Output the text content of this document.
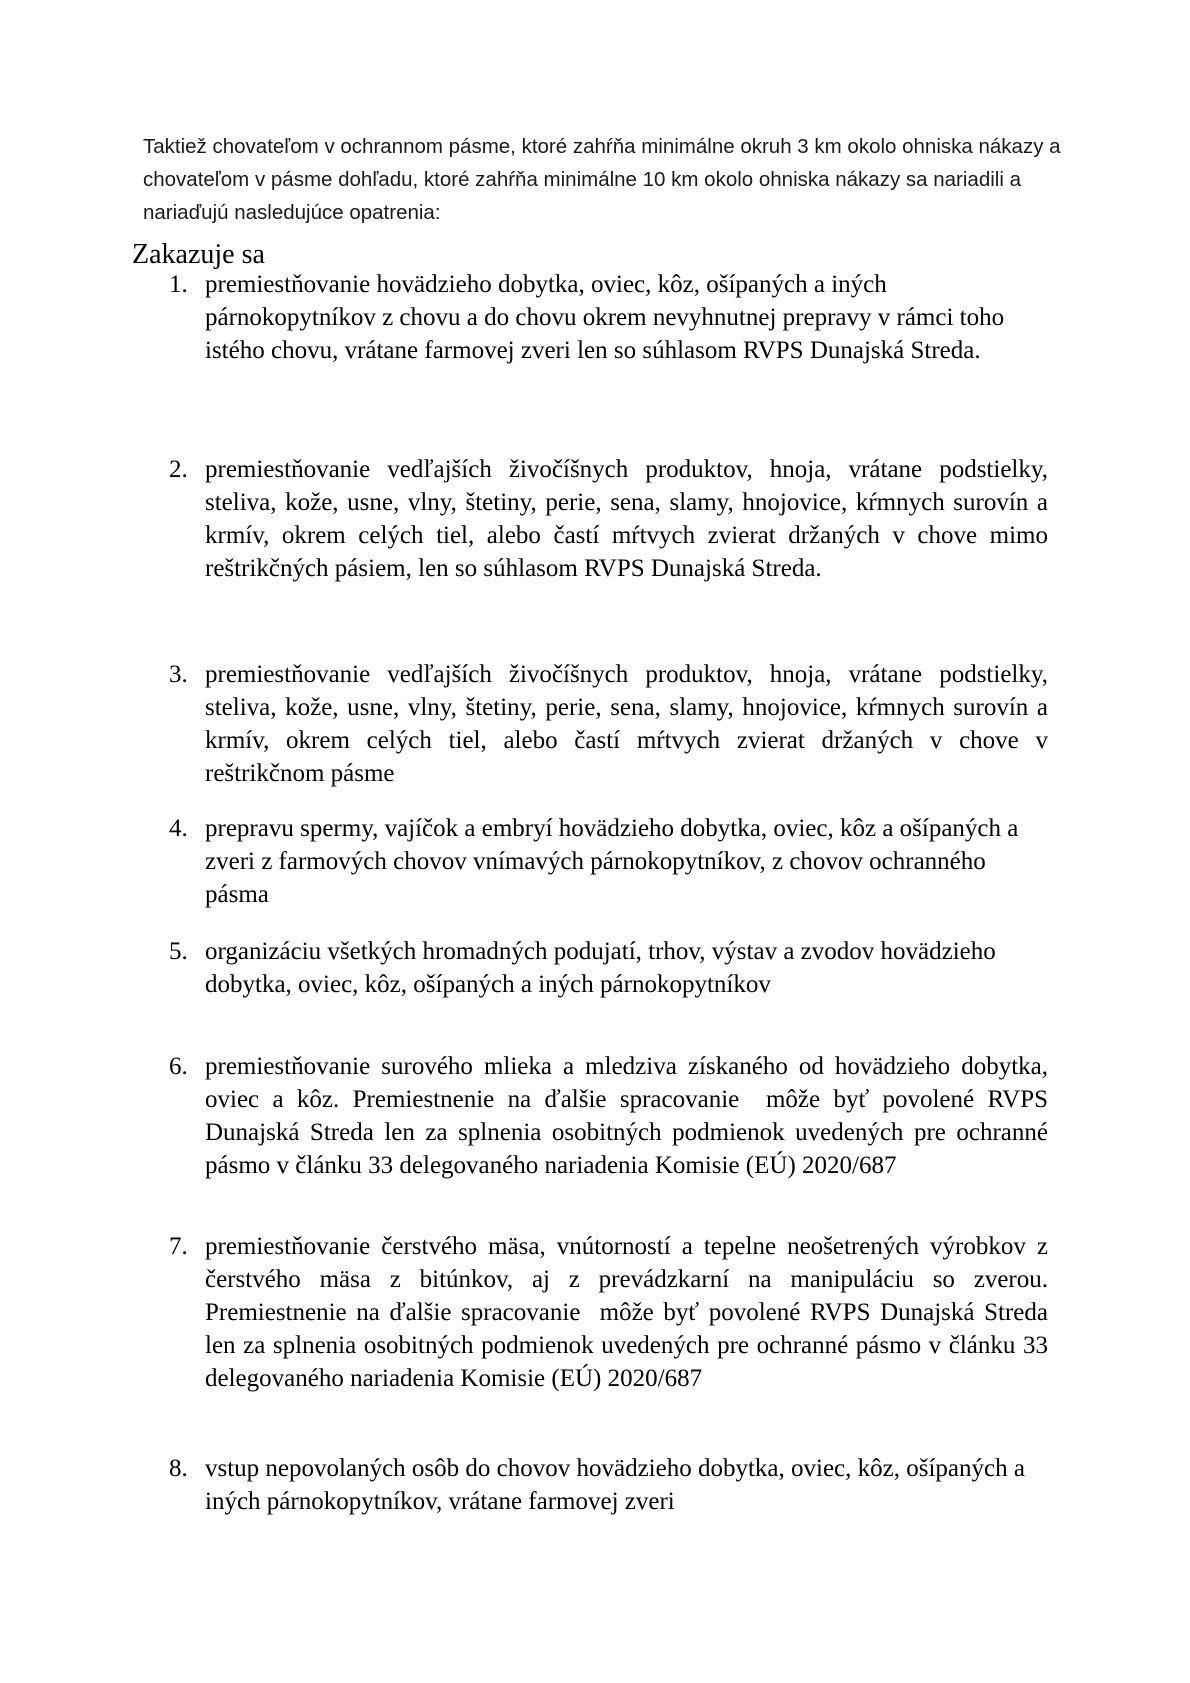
Taktiež chovateľom v ochrannom pásme, ktoré zahŕňa minimálne okruh 3 km okolo ohniska nákazy a chovateľom v pásme dohľadu, ktoré zahŕňa minimálne 10 km okolo ohniska nákazy sa nariadili a nariaďujú nasledujúce opatrenia:

Zakazuje sa
1. premiestňovanie hovädzieho dobytka, oviec, kôz, ošípaných a iných párnokopytníkov z chovu a do chovu okrem nevyhnutnej prepravy v rámci toho istého chovu, vrátane farmovej zveri len so súhlasom RVPS Dunajská Streda.
2. premiestňovanie vedľajších živočíšnych produktov, hnoja, vrátane podstielky, steliva, kože, usne, vlny, štetiny, perie, sena, slamy, hnojovice, kŕmnych surovín a krmív, okrem celých tiel, alebo častí mŕtvych zvierat držaných v chove mimo reštrikčných pásiem, len so súhlasom RVPS Dunajská Streda.
3. premiestňovanie vedľajších živočíšnych produktov, hnoja, vrátane podstielky, steliva, kože, usne, vlny, štetiny, perie, sena, slamy, hnojovice, kŕmnych surovín a krmív, okrem celých tiel, alebo častí mŕtvych zvierat držaných v chove v reštrikčnom pásme
4. prepravu spermy, vajíčok a embryí hovädzieho dobytka, oviec, kôz a ošípaných a zveri z farmových chovov vnímavých párnokopytníkov, z chovov ochranného pásma
5. organizáciu všetkých hromadných podujatí, trhov, výstav a zvodov hovädzieho dobytka, oviec, kôz, ošípaných a iných párnokopytníkov
6. premiestňovanie surového mlieka a mledziva získaného od hovädzieho dobytka, oviec a kôz. Premiestnenie na ďalšie spracovanie  môže byť povolené RVPS Dunajská Streda len za splnenia osobitných podmienok uvedených pre ochranné pásmo v článku 33 delegovaného nariadenia Komisie (EÚ) 2020/687
7. premiestňovanie čerstvého mäsa, vnútorností a tepelne neošetrených výrobkov z čerstvého mäsa z bitúnkov, aj z prevádzkarní na manipuláciu so zverou. Premiestnenie na ďalšie spracovanie  môže byť povolené RVPS Dunajská Streda len za splnenia osobitných podmienok uvedených pre ochranné pásmo v článku 33 delegovaného nariadenia Komisie (EÚ) 2020/687
8. vstup nepovolaných osôb do chovov hovädzieho dobytka, oviec, kôz, ošípaných a iných párnokopytníkov, vrátane farmovej zveri
